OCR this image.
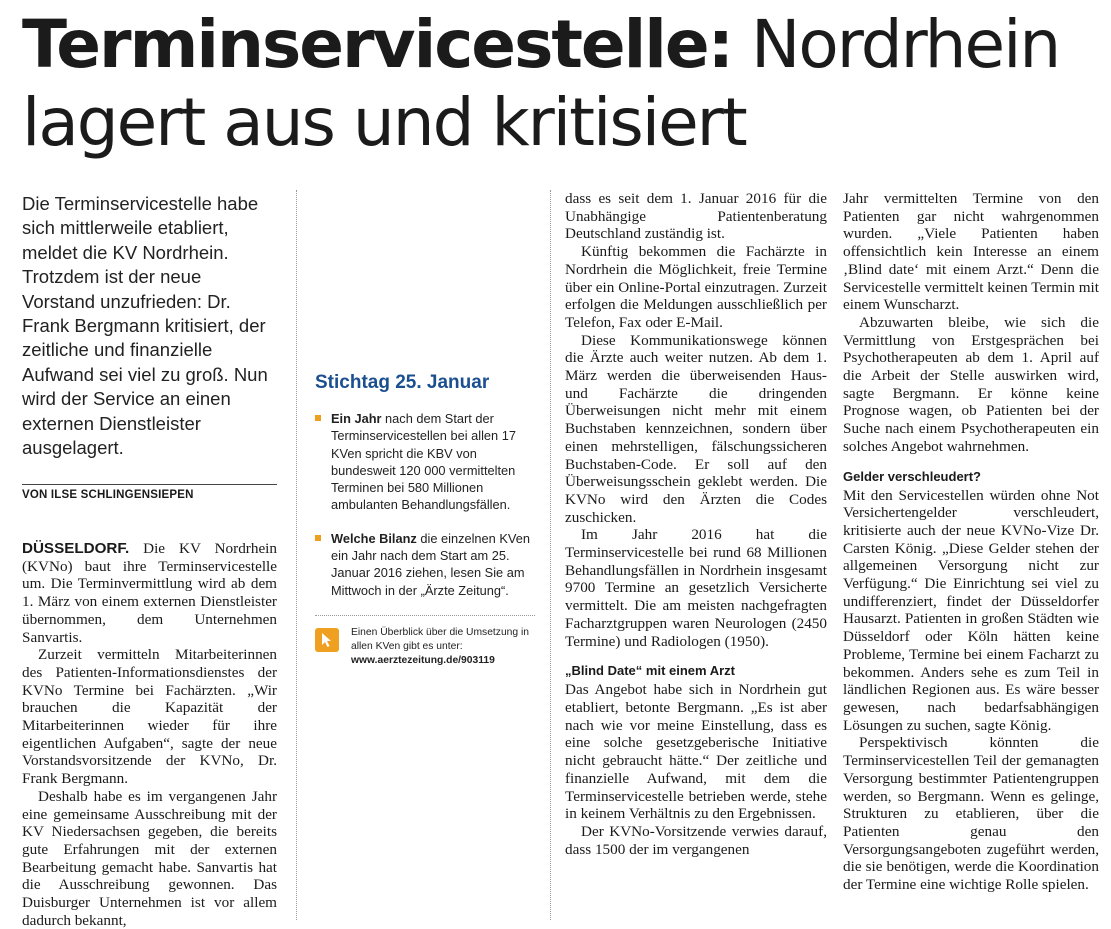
Terminservicestelle: Nordrhein lagert aus und kritisiert

Die Terminservicestelle habe sich mittlerweile etabliert, meldet die KV Nordrhein. Trotzdem ist der neue Vorstand unzufrieden: Dr. Frank Bergmann kritisiert, der zeitliche und finanzielle Aufwand sei viel zu groß. Nun wird der Service an einen externen Dienstleister ausgelagert.

VON ILSE SCHLINGENSIEPEN

DÜSSELDORF. Die KV Nordrhein (KVNo) baut ihre Terminservicestelle um. Die Terminvermittlung wird ab dem 1. März von einem externen Dienstleister übernommen, dem Unternehmen Sanvartis.

Zurzeit vermitteln Mitarbeiterinnen des Patienten-Informationsdienstes der KVNo Termine bei Fachärzten. „Wir brauchen die Kapazität der Mitarbeiterinnen wieder für ihre eigentlichen Aufgaben“, sagte der neue Vorstandsvorsitzende der KVNo, Dr. Frank Bergmann.

Deshalb habe es im vergangenen Jahr eine gemeinsame Ausschreibung mit der KV Niedersachsen gegeben, die bereits gute Erfahrungen mit der externen Bearbeitung gemacht habe. Sanvartis hat die Ausschreibung gewonnen. Das Duisburger Unternehmen ist vor allem dadurch bekannt,

Stichtag 25. Januar
Ein Jahr nach dem Start der Terminservicestellen bei allen 17 KVen spricht die KBV von bundesweit 120 000 vermittelten Terminen bei 580 Millionen ambulanten Behandlungsfällen.
Welche Bilanz die einzelnen KVen ein Jahr nach dem Start am 25. Januar 2016 ziehen, lesen Sie am Mittwoch in der „Ärzte Zeitung“.
Einen Überblick über die Umsetzung in allen KVen gibt es unter:
www.aerztezeitung.de/903119

dass es seit dem 1. Januar 2016 für die Unabhängige Patientenberatung Deutschland zuständig ist.

Künftig bekommen die Fachärzte in Nordrhein die Möglichkeit, freie Termine über ein Online-Portal einzutragen. Zurzeit erfolgen die Meldungen ausschließlich per Telefon, Fax oder E-Mail.

Diese Kommunikationswege können die Ärzte auch weiter nutzen. Ab dem 1. März werden die überweisenden Haus- und Fachärzte die dringenden Überweisungen nicht mehr mit einem Buchstaben kennzeichnen, sondern über einen mehrstelligen, fälschungssicheren Buchstaben-Code. Er soll auf den Überweisungsschein geklebt werden. Die KVNo wird den Ärzten die Codes zuschicken.

Im Jahr 2016 hat die Terminservicestelle bei rund 68 Millionen Behandlungsfällen in Nordrhein insgesamt 9700 Termine an gesetzlich Versicherte vermittelt. Die am meisten nachgefragten Facharztgruppen waren Neurologen (2450 Termine) und Radiologen (1950).

„Blind Date“ mit einem Arzt

Das Angebot habe sich in Nordrhein gut etabliert, betonte Bergmann. „Es ist aber nach wie vor meine Einstellung, dass es eine solche gesetzgeberische Initiative nicht gebraucht hätte.“ Der zeitliche und finanzielle Aufwand, mit dem die Terminservicestelle betrieben werde, stehe in keinem Verhältnis zu den Ergebnissen.

Der KVNo-Vorsitzende verwies darauf, dass 1500 der im vergangenen

Jahr vermittelten Termine von den Patienten gar nicht wahrgenommen wurden. „Viele Patienten haben offensichtlich kein Interesse an einem ‚Blind date‘ mit einem Arzt.“ Denn die Servicestelle vermittelt keinen Termin mit einem Wunscharzt.

Abzuwarten bleibe, wie sich die Vermittlung von Erstgesprächen bei Psychotherapeuten ab dem 1. April auf die Arbeit der Stelle auswirken wird, sagte Bergmann. Er könne keine Prognose wagen, ob Patienten bei der Suche nach einem Psychotherapeuten ein solches Angebot wahrnehmen.

Gelder verschleudert?

Mit den Servicestellen würden ohne Not Versichertengelder verschleudert, kritisierte auch der neue KVNo-Vize Dr. Carsten König. „Diese Gelder stehen der allgemeinen Versorgung nicht zur Verfügung.“ Die Einrichtung sei viel zu undifferenziert, findet der Düsseldorfer Hausarzt. Patienten in großen Städten wie Düsseldorf oder Köln hätten keine Probleme, Termine bei einem Facharzt zu bekommen. Anders sehe es zum Teil in ländlichen Regionen aus. Es wäre besser gewesen, nach bedarfsabhängigen Lösungen zu suchen, sagte König.

Perspektivisch könnten die Terminservicestellen Teil der gemanagten Versorgung bestimmter Patientengruppen werden, so Bergmann. Wenn es gelinge, Strukturen zu etablieren, über die Patienten genau den Versorgungsangeboten zugeführt werden, die sie benötigen, werde die Koordination der Termine eine wichtige Rolle spielen.
